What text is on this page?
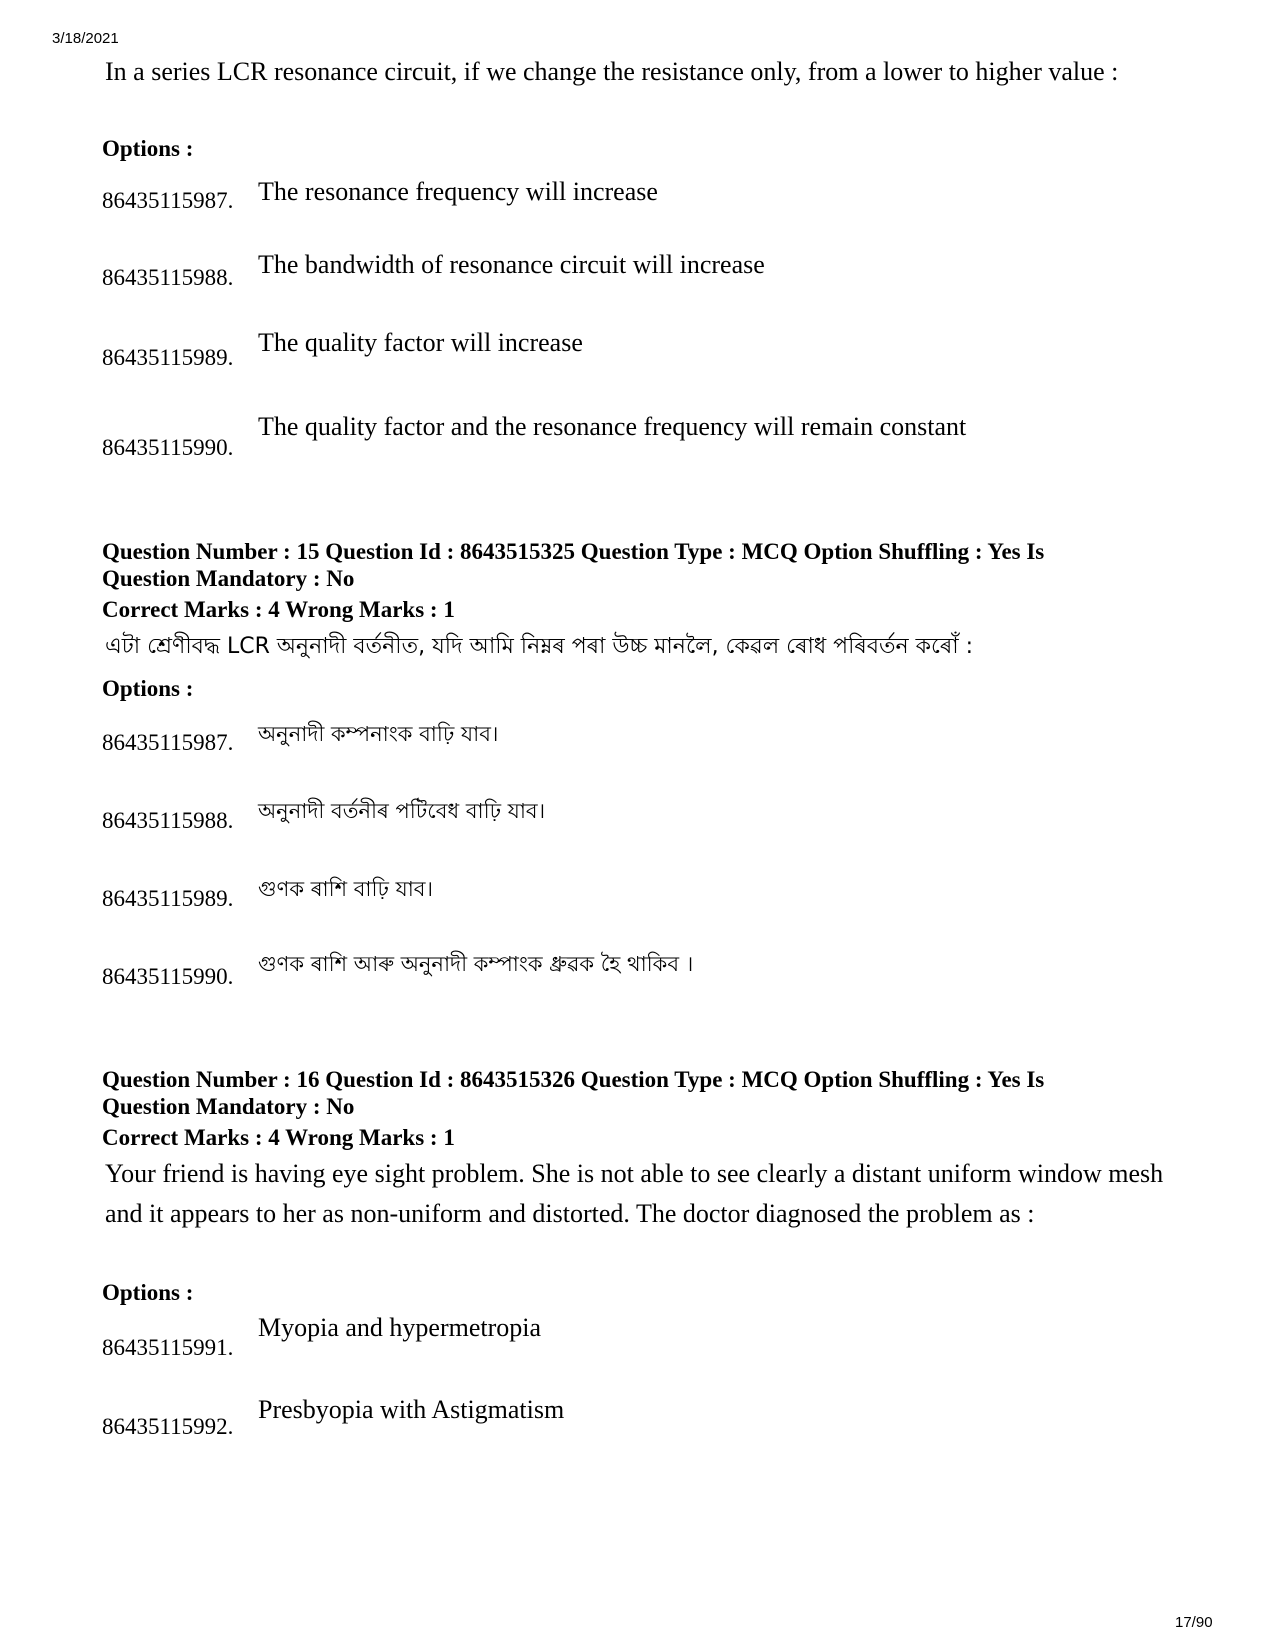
3/18/2021
In a series LCR resonance circuit, if we change the resistance only, from a lower to higher value :
Options :
86435115987. The resonance frequency will increase
86435115988. The bandwidth of resonance circuit will increase
86435115989.
The quality factor will increase
86435115990.
The quality factor and the resonance frequency will remain constant
Question Number : 15 Question Id : 8643515325 Question Type : MCQ Option Shuffling : Yes Is
Question Mandatory : No
Correct Marks : 4 Wrong Marks : 1
এটা শ্ৰেণীবদ্ধ LCR অনুনাদী বৰ্তনীত, যদি আমি নিম্নৰ পৰা উচ্চ মানলৈ, কেৱল ৰোধ পৰিবৰ্তন কৰোঁ :
Options :
86435115987. অনুনাদী কম্পনাংক বাঢ়ি যাব।
86435115988. অনুনাদী বৰ্তনীৰ পটিবেধ বাঢ়ি যাব।
86435115989. গুণক ৰাশি বাঢ়ি যাব।
86435115990. গুণক ৰাশি আৰু অনুনাদী কম্পাংক ধ্ৰুৱক হৈ থাকিব ।
Question Number : 16 Question Id : 8643515326 Question Type : MCQ Option Shuffling : Yes Is
Question Mandatory : No
Correct Marks : 4 Wrong Marks : 1
Your friend is having eye sight problem. She is not able to see clearly a distant uniform window mesh and it appears to her as non-uniform and distorted. The doctor diagnosed the problem as :
Options :
86435115991.
Myopia and hypermetropia
86435115992.
Presbyopia with Astigmatism
17/90
